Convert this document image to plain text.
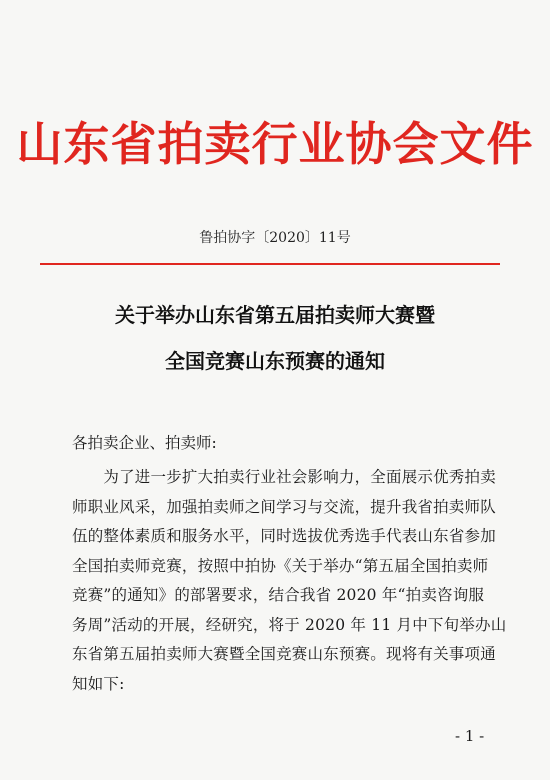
山东省拍卖行业协会文件
鲁拍协字〔2020〕11号
关于举办山东省第五届拍卖师大赛暨
全国竞赛山东预赛的通知
各拍卖企业、拍卖师:
　　为了进一步扩大拍卖行业社会影响力，全面展示优秀拍卖
师职业风采，加强拍卖师之间学习与交流，提升我省拍卖师队
伍的整体素质和服务水平，同时选拔优秀选手代表山东省参加
全国拍卖师竞赛，按照中拍协《关于举办“第五届全国拍卖师
竞赛”的通知》的部署要求，结合我省 2020 年“拍卖咨询服
务周”活动的开展，经研究，将于 2020 年 11 月中下旬举办山
东省第五届拍卖师大赛暨全国竞赛山东预赛。现将有关事项通
知如下:
- 1 -
